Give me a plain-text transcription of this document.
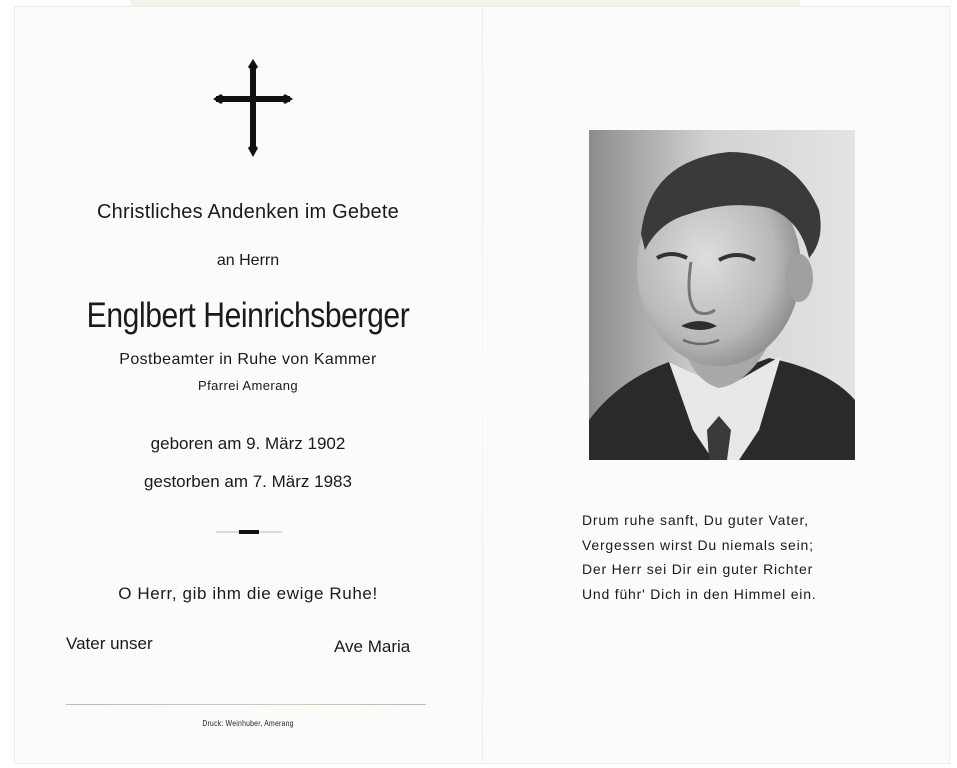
Christliches Andenken im Gebete
an Herrn
Englbert Heinrichsberger
Postbeamter in Ruhe von Kammer
Pfarrei Amerang
geboren am 9. März 1902
gestorben am 7. März 1983
O Herr, gib ihm die ewige Ruhe!
Vater unser	Ave Maria
Druck: Weinhuber, Amerang
Drum ruhe sanft, Du guter Vater,
Vergessen wirst Du niemals sein;
Der Herr sei Dir ein guter Richter
Und führ' Dich in den Himmel ein.
